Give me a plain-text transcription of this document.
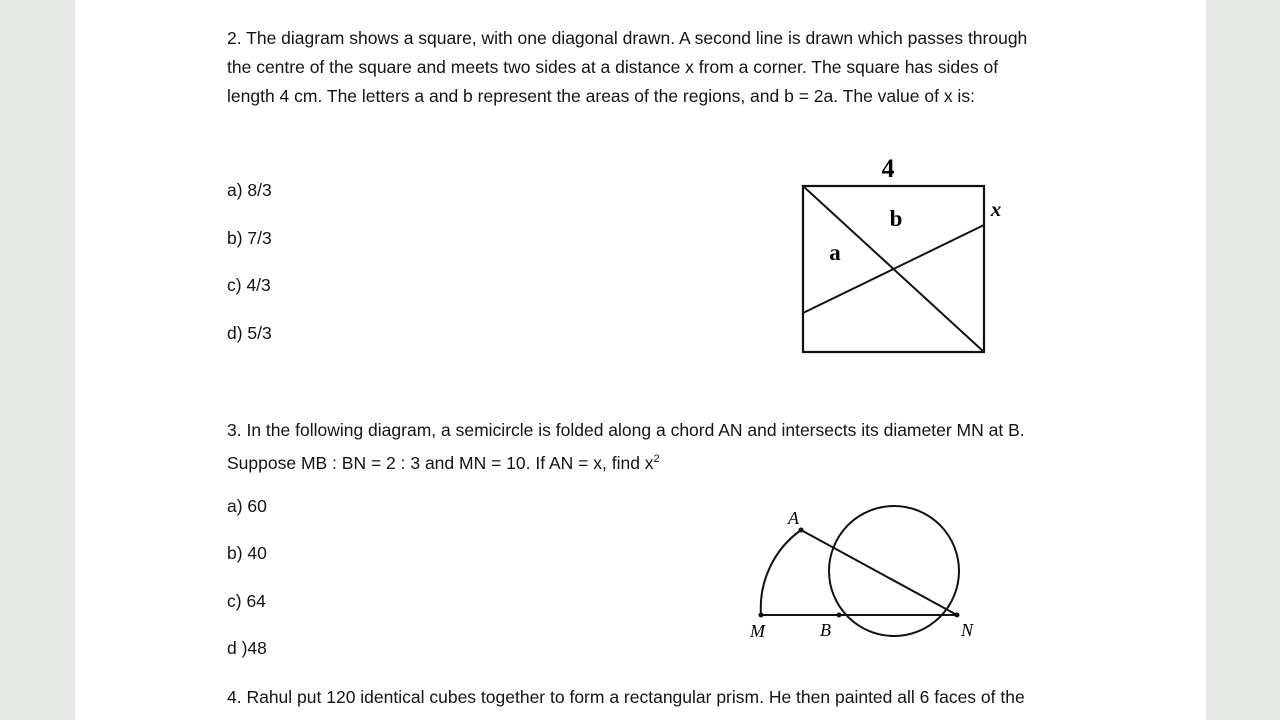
2. The diagram shows a square, with one diagonal drawn. A second line is drawn which passes through
the centre of the square and meets two sides at a distance x from a corner. The square has sides of
length 4 cm. The letters a and b represent the areas of the regions, and b = 2a. The value of x is:
a) 8/3
b) 7/3
c) 4/3
d) 5/3
4
b
a
x
3. In the following diagram, a semicircle is folded along a chord AN and intersects its diameter MN at B.
Suppose MB : BN = 2 : 3 and MN = 10. If AN = x, find $x^2$
a) 60
b) 40
c) 64
d )48
A
M	B	N
4. Rahul put 120 identical cubes together to form a rectangular prism. He then painted all 6 faces of the
